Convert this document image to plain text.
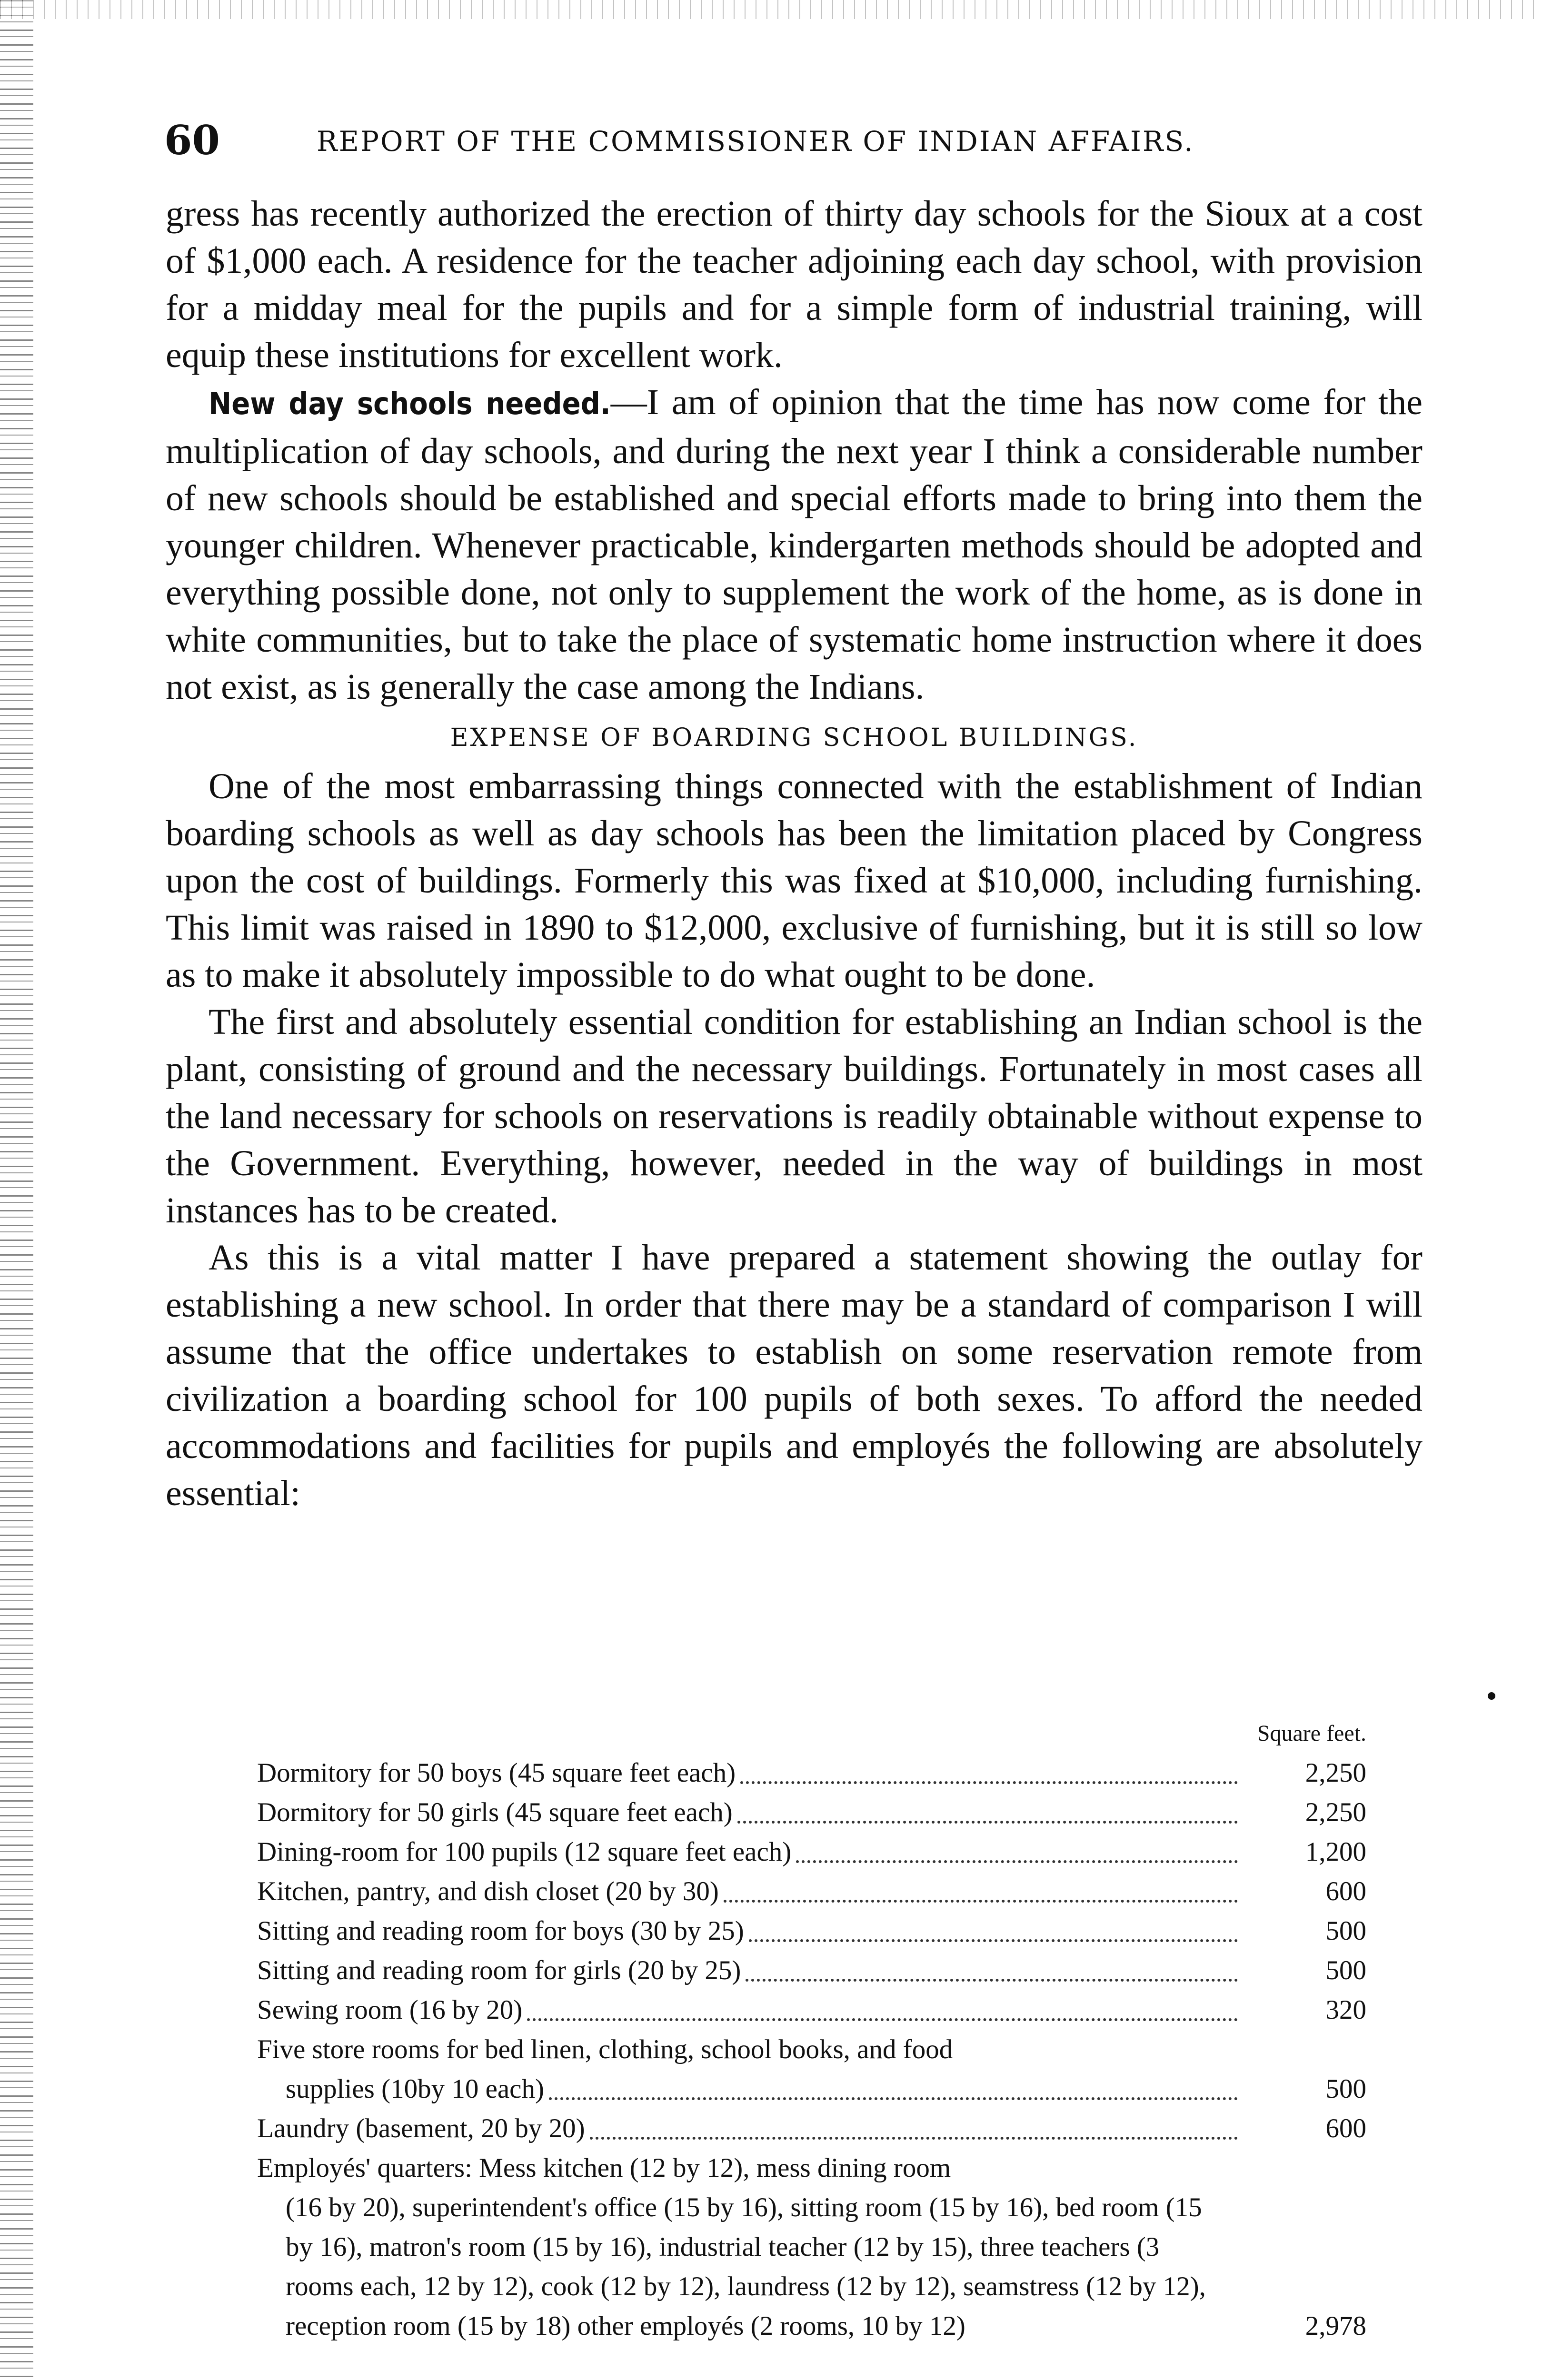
60	REPORT OF THE COMMISSIONER OF INDIAN AFFAIRS.

gress has recently authorized the erection of thirty day schools for the Sioux at a cost of $1,000 each. A residence for the teacher adjoining each day school, with provision for a midday meal for the pupils and for a simple form of industrial training, will equip these institutions for excellent work.

New day schools needed.—I am of opinion that the time has now come for the multiplication of day schools, and during the next year I think a considerable number of new schools should be established and special efforts made to bring into them the younger children. Whenever practicable, kindergarten methods should be adopted and everything possible done, not only to supplement the work of the home, as is done in white communities, but to take the place of systematic home instruction where it does not exist, as is generally the case among the Indians.

EXPENSE OF BOARDING SCHOOL BUILDINGS.

One of the most embarrassing things connected with the establishment of Indian boarding schools as well as day schools has been the limitation placed by Congress upon the cost of buildings. Formerly this was fixed at $10,000, including furnishing. This limit was raised in 1890 to $12,000, exclusive of furnishing, but it is still so low as to make it absolutely impossible to do what ought to be done.

The first and absolutely essential condition for establishing an Indian school is the plant, consisting of ground and the necessary buildings. Fortunately in most cases all the land necessary for schools on reservations is readily obtainable without expense to the Government. Everything, however, needed in the way of buildings in most instances has to be created.

As this is a vital matter I have prepared a statement showing the outlay for establishing a new school. In order that there may be a standard of comparison I will assume that the office undertakes to establish on some reservation remote from civilization a boarding school for 100 pupils of both sexes. To afford the needed accommodations and facilities for pupils and employés the following are absolutely essential:

Square feet.
Dormitory for 50 boys (45 square feet each)	2,250
Dormitory for 50 girls (45 square feet each)	2,250
Dining-room for 100 pupils (12 square feet each)	1,200
Kitchen, pantry, and dish closet (20 by 30)	600
Sitting and reading room for boys (30 by 25)	500
Sitting and reading room for girls (20 by 25)	500
Sewing room (16 by 20)	320
Five store rooms for bed linen, clothing, school books, and food
supplies (10by 10 each)	500
Laundry (basement, 20 by 20)	600
Employés' quarters: Mess kitchen (12 by 12), mess dining room
(16 by 20), superintendent's office (15 by 16), sitting room (15 by 16), bed room (15 by 16), matron's room (15 by 16), industrial teacher (12 by 15), three teachers (3 rooms each, 12 by 12), cook (12 by 12), laundress (12 by 12), seamstress (12 by 12), reception room (15 by 18) other employés (2 rooms, 10 by 12)	2,978
